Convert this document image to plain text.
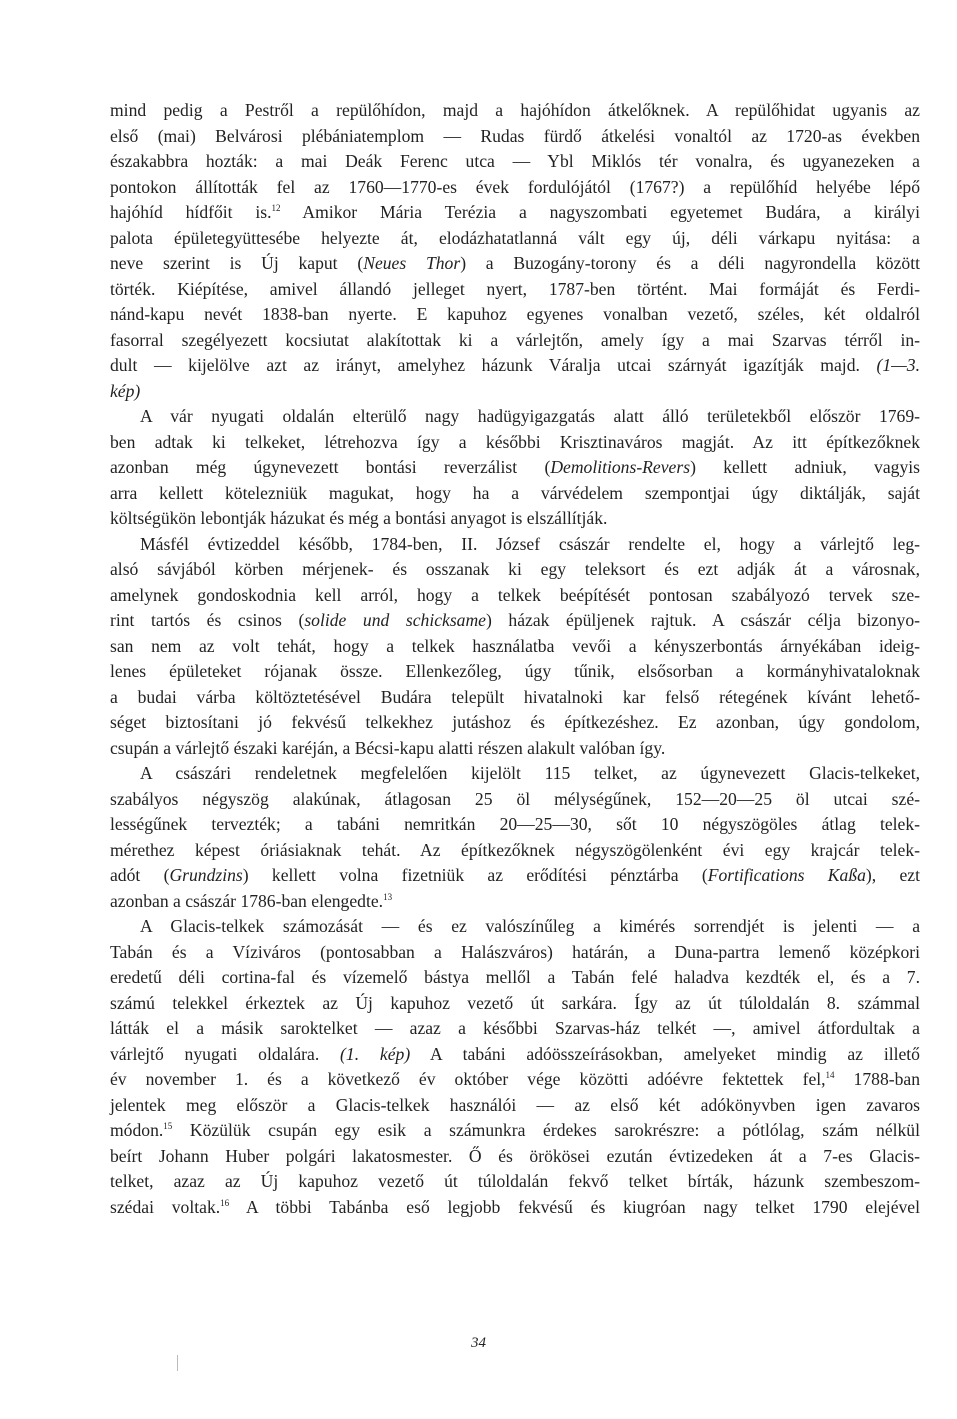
mind pedig a Pestről a repülőhídon, majd a hajóhídon átkelőknek. A repülőhidat ugyanis az
első (mai) Belvárosi plébániatemplom — Rudas fürdő átkelési vonaltól az 1720-as években
északabbra hozták: a mai Deák Ferenc utca — Ybl Miklós tér vonalra, és ugyanezeken a
pontokon állították fel az 1760—1770-es évek fordulójától (1767?) a repülőhíd helyébe lépő
hajóhíd hídfőit is.$^{12}$ Amikor Mária Terézia a nagyszombati egyetemet Budára, a királyi
palota épületegyüttesébe helyezte át, elodázhatatlanná vált egy új, déli várkapu nyitása: a
neve szerint is Új kaput (Neues Thor) a Buzogány-torony és a déli nagyrondella között
törték. Kiépítése, amivel állandó jelleget nyert, 1787-ben történt. Mai formáját és Ferdi-
nánd-kapu nevét 1838-ban nyerte. E kapuhoz egyenes vonalban vezető, széles, két oldalról
fasorral szegélyezett kocsiutat alakítottak ki a várlejtőn, amely így a mai Szarvas térről in-
dult — kijelölve azt az irányt, amelyhez házunk Váralja utcai szárnyát igazítják majd. (1—3.
kép)
A vár nyugati oldalán elterülő nagy hadügyigazgatás alatt álló területekből először 1769-
ben adtak ki telkeket, létrehozva így a későbbi Krisztinaváros magját. Az itt építkezőknek
azonban még úgynevezett bontási reverzálist (Demolitions-Revers) kellett adniuk, vagyis
arra kellett kötelezniük magukat, hogy ha a várvédelem szempontjai úgy diktálják, saját
költségükön lebontják házukat és még a bontási anyagot is elszállítják.
Másfél évtizeddel később, 1784-ben, II. József császár rendelte el, hogy a várlejtő leg-
alsó sávjából körben mérjenek- és osszanak ki egy teleksort és ezt adják át a városnak,
amelynek gondoskodnia kell arról, hogy a telkek beépítését pontosan szabályozó tervek sze-
rint tartós és csinos (solide und schicksame) házak épüljenek rajtuk. A császár célja bizonyo-
san nem az volt tehát, hogy a telkek használatba vevői a kényszerbontás árnyékában ideig-
lenes épületeket rójanak össze. Ellenkezőleg, úgy tűnik, elsősorban a kormányhivataloknak
a budai várba költöztetésével Budára települt hivatalnoki kar felső rétegének kívánt lehető-
séget biztosítani jó fekvésű telkekhez jutáshoz és építkezéshez. Ez azonban, úgy gondolom,
csupán a várlejtő északi karéján, a Bécsi-kapu alatti részen alakult valóban így.
A császári rendeletnek megfelelően kijelölt 115 telket, az úgynevezett Glacis-telkeket,
szabályos négyszög alakúnak, átlagosan 25 öl mélységűnek, 152—20—25 öl utcai szé-
lességűnek tervezték; a tabáni nemritkán 20—25—30, sőt 10 négyszögöles átlag telek-
mérethez képest óriásiaknak tehát. Az építkezőknek négyszögölenként évi egy krajcár telek-
adót (Grundzins) kellett volna fizetniük az erődítési pénztárba (Fortifications Kaßa), ezt
azonban a császár 1786-ban elengedte.$^{13}$
A Glacis-telkek számozását — és ez valószínűleg a kimérés sorrendjét is jelenti — a
Tabán és a Víziváros (pontosabban a Halászváros) határán, a Duna-partra lemenő középkori
eredetű déli cortina-fal és vízemelő bástya mellől a Tabán felé haladva kezdték el, és a 7.
számú telekkel érkeztek az Új kapuhoz vezető út sarkára. Így az út túloldalán 8. számmal
látták el a másik saroktelket — azaz a későbbi Szarvas-ház telkét —, amivel átfordultak a
várlejtő nyugati oldalára. (1. kép) A tabáni adóösszeírásokban, amelyeket mindig az illető
év november 1. és a következő év október vége közötti adóévre fektettek fel,$^{14}$ 1788-ban
jelentek meg először a Glacis-telkek használói — az első két adókönyvben igen zavaros
módon.$^{15}$ Közülük csupán egy esik a számunkra érdekes sarokrészre: a pótlólag, szám nélkül
beírt Johann Huber polgári lakatosmester. Ő és örökösei ezután évtizedeken át a 7-es Glacis-
telket, azaz az Új kapuhoz vezető út túloldalán fekvő telket bírták, házunk szembeszom-
szédai voltak.$^{16}$ A többi Tabánba eső legjobb fekvésű és kiugróan nagy telket 1790 elejével
34
